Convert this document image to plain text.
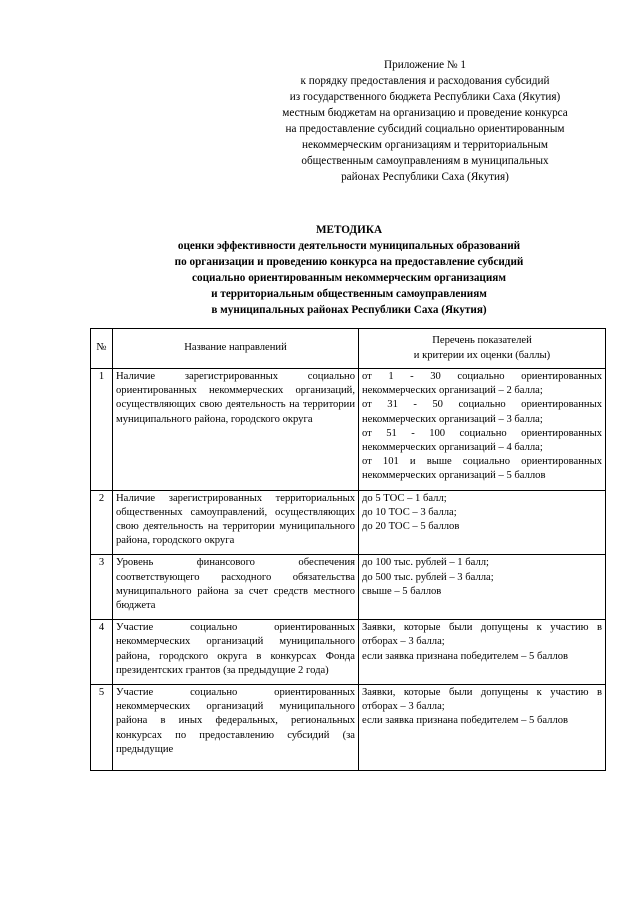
Приложение № 1
к порядку предоставления и расходования субсидий
из государственного бюджета Республики Саха (Якутия)
местным бюджетам на организацию и проведение конкурса
на предоставление субсидий социально ориентированным
некоммерческим организациям и территориальным
общественным самоуправлениям в муниципальных
районах Республики Саха (Якутия)
МЕТОДИКА
оценки эффективности деятельности муниципальных образований
по организации и проведению конкурса на предоставление субсидий
социально ориентированным некоммерческим организациям
и территориальным общественным самоуправлениям
в муниципальных районах Республики Саха (Якутия)
№	Название направлений	Перечень показателей
и критерии их оценки (баллы)

1	Наличие зарегистрированных социально ориентированных некоммерческих организаций, осуществляющих свою деятельность на территории муниципального района, городского округа	от 1 - 30 социально ориентированных некоммерческих организаций – 2 балла;
от 31 - 50 социально ориентированных некоммерческих организаций – 3 балла;
от 51 - 100 социально ориентированных некоммерческих организаций – 4 балла;
от 101 и выше социально ориентированных некоммерческих организаций – 5 баллов

2	Наличие зарегистрированных территориальных общественных самоуправлений, осуществляющих свою деятельность на территории муниципального района, городского округа	до 5 ТОС – 1 балл;
до 10 ТОС – 3 балла;
до 20 ТОС – 5 баллов

3	Уровень финансового обеспечения соответствующего расходного обязательства муниципального района за счет средств местного бюджета	до 100 тыс. рублей – 1 балл;
до 500 тыс. рублей – 3 балла;
свыше – 5 баллов

4	Участие социально ориентированных некоммерческих организаций муниципального района, городского округа в конкурсах Фонда президентских грантов (за предыдущие 2 года)	Заявки, которые были допущены к участию в отборах – 3 балла;
если заявка признана победителем – 5 баллов

5	Участие социально ориентированных некоммерческих организаций муниципального района в иных федеральных, региональных конкурсах по предоставлению субсидий (за предыдущие	Заявки, которые были допущены к участию в отборах – 3 балла;
если заявка признана победителем – 5 баллов
